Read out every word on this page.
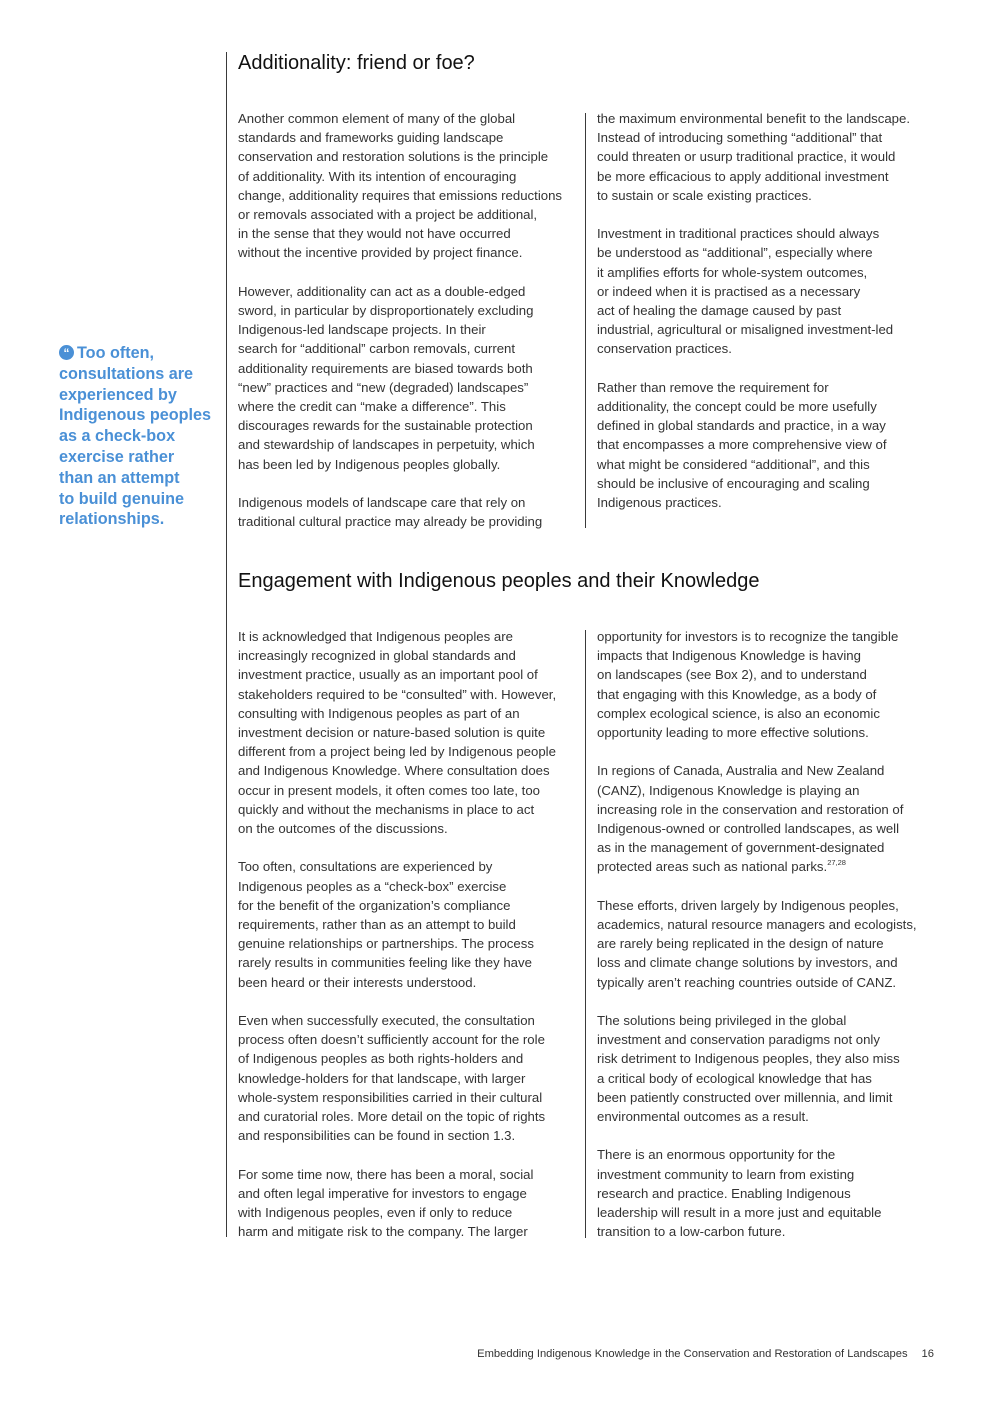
“ Too often,
consultations are
experienced by
Indigenous peoples
as a check-box
exercise rather
than an attempt
to build genuine
relationships.
Additionality: friend or foe?

Another common element of many of the global
standards and frameworks guiding landscape
conservation and restoration solutions is the principle
of additionality. With its intention of encouraging
change, additionality requires that emissions reductions
or removals associated with a project be additional,
in the sense that they would not have occurred
without the incentive provided by project finance.

However, additionality can act as a double-edged
sword, in particular by disproportionately excluding
Indigenous-led landscape projects. In their
search for “additional” carbon removals, current
additionality requirements are biased towards both
“new” practices and “new (degraded) landscapes”
where the credit can “make a difference”. This
discourages rewards for the sustainable protection
and stewardship of landscapes in perpetuity, which
has been led by Indigenous peoples globally.

Indigenous models of landscape care that rely on
traditional cultural practice may already be providing

the maximum environmental benefit to the landscape.
Instead of introducing something “additional” that
could threaten or usurp traditional practice, it would
be more efficacious to apply additional investment
to sustain or scale existing practices.

Investment in traditional practices should always
be understood as “additional”, especially where
it amplifies efforts for whole-system outcomes,
or indeed when it is practised as a necessary
act of healing the damage caused by past
industrial, agricultural or misaligned investment-led
conservation practices.

Rather than remove the requirement for
additionality, the concept could be more usefully
defined in global standards and practice, in a way
that encompasses a more comprehensive view of
what might be considered “additional”, and this
should be inclusive of encouraging and scaling
Indigenous practices.

Engagement with Indigenous peoples and their Knowledge

It is acknowledged that Indigenous peoples are
increasingly recognized in global standards and
investment practice, usually as an important pool of
stakeholders required to be “consulted” with. However,
consulting with Indigenous peoples as part of an
investment decision or nature-based solution is quite
different from a project being led by Indigenous people
and Indigenous Knowledge. Where consultation does
occur in present models, it often comes too late, too
quickly and without the mechanisms in place to act
on the outcomes of the discussions.

Too often, consultations are experienced by
Indigenous peoples as a “check-box” exercise
for the benefit of the organization’s compliance
requirements, rather than as an attempt to build
genuine relationships or partnerships. The process
rarely results in communities feeling like they have
been heard or their interests understood.

Even when successfully executed, the consultation
process often doesn’t sufficiently account for the role
of Indigenous peoples as both rights-holders and
knowledge-holders for that landscape, with larger
whole-system responsibilities carried in their cultural
and curatorial roles. More detail on the topic of rights
and responsibilities can be found in section 1.3.

For some time now, there has been a moral, social
and often legal imperative for investors to engage
with Indigenous peoples, even if only to reduce
harm and mitigate risk to the company. The larger

opportunity for investors is to recognize the tangible
impacts that Indigenous Knowledge is having
on landscapes (see Box 2), and to understand
that engaging with this Knowledge, as a body of
complex ecological science, is also an economic
opportunity leading to more effective solutions.

In regions of Canada, Australia and New Zealand
(CANZ), Indigenous Knowledge is playing an
increasing role in the conservation and restoration of
Indigenous-owned or controlled landscapes, as well
as in the management of government-designated
protected areas such as national parks.$^{27,28}$

These efforts, driven largely by Indigenous peoples,
academics, natural resource managers and ecologists,
are rarely being replicated in the design of nature
loss and climate change solutions by investors, and
typically aren’t reaching countries outside of CANZ.

The solutions being privileged in the global
investment and conservation paradigms not only
risk detriment to Indigenous peoples, they also miss
a critical body of ecological knowledge that has
been patiently constructed over millennia, and limit
environmental outcomes as a result.

There is an enormous opportunity for the
investment community to learn from existing
research and practice. Enabling Indigenous
leadership will result in a more just and equitable
transition to a low-carbon future.

Embedding Indigenous Knowledge in the Conservation and Restoration of Landscapes 16
